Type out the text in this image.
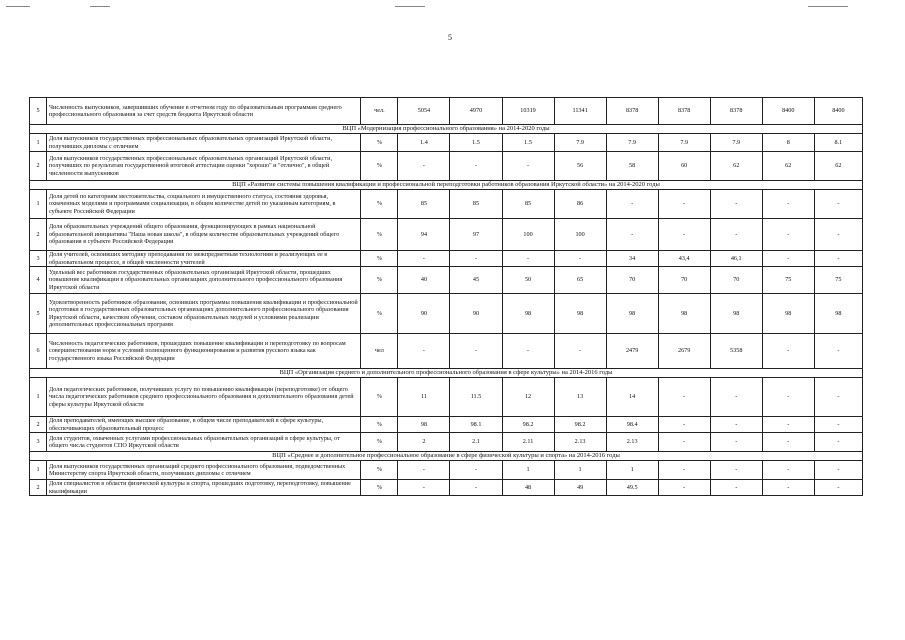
5
5	Численность выпускников, завершивших обучение в отчетном году по образовательным программам среднего профессионального образования за счет средств бюджета Иркутской области	чел.	5054	4970	10319	11341	8378	8378	8378	8400	8400
ВЦП «Модернизация профессионального образования» на 2014-2020 годы											
1	Доля выпускников государственных профессиональных образовательных организаций Иркутской области, получивших дипломы с отличием	%	1.4	1.5	1.5	7.9	7.9	7.9	7.9	8	8.1
2	Доля выпускников государственных профессиональных образовательных организаций Иркутской области, получивших по результатам государственной итоговой аттестации оценки "хорошо" и "отлично", в общей численности выпускников	%	-	-	-	56	58	60	62	62	62
ВЦП «Развитие системы повышения квалификации и профессиональной переподготовки работников образования Иркутской области» на 2014-2020 годы											
1	Доля детей по категориям местожительства, социального и имущественного статуса, состояния здоровья, охваченных моделями и программами социализации, в общем количестве детей по указанным категориям, в субъекте Российской Федерации	%	85	85	85	86	-	-	-	-	-
2	Доля образовательных учреждений общего образования, функционирующих в рамках национальной образовательной инициативы "Наша новая школа", в общем количестве образовательных учреждений общего образования в субъекте Российской Федерации	%	94	97	100	100	-	-	-	-	-
3	Доля учителей, освоивших методику преподавания по межпредметным технологиям и реализующих ее в образовательном процессе, в общей численности учителей	%	-	-	-	-	34	43,4	46,1	-	-
4	Удельный вес работников государственных образовательных организаций Иркутской области, прошедших повышение квалификации в образовательных организациях дополнительного профессионального образования Иркутской области	%	40	45	50	65	70	70	70	75	75
5	Удовлетворенность работников образования, освоивших программы повышения квалификации и профессиональной подготовки в государственных образовательных организациях дополнительного профессионального образования Иркутской области, качеством обучения, составом образовательных модулей и условиями реализации дополнительных профессиональных программ	%	90	90	98	98	98	98	98	98	98
6	Численность педагогических работников, прошедших повышение квалификации и переподготовку по вопросам совершенствования норм и условий полноценного функционирования и развития русского языка как государственного языка Российской Федерации	чел	-	-	-	-	2479	2679	5358	-	-
ВЦП «Организация среднего и дополнительного профессионального образования в сфере культуры» на 2014-2016 годы											
1	Доля педагогических работников, получивших услугу по повышению квалификации (переподготовке) от общего числа педагогических работников среднего профессионального образования и дополнительного образования детей сферы культуры Иркутской области	%	11	11.5	12	13	14	-	-	-	-
2	Доля преподавателей, имеющих высшее образование, в общем числе преподавателей в сфере культуры, обеспечивающих образовательный процесс	%	98	98.1	98.2	98.2	98.4	-	-	-	-
3	Доля студентов, охваченных услугами профессиональных образовательных организаций в сфере культуры, от общего числа студентов СПО Иркутской области	%	2	2.1	2.11	2.13	2.13	-	-	-	-
ВЦП «Среднее и дополнительное профессиональное образование в сфере физической культуры и спорта» на 2014-2016 годы											
1	Доля выпускников государственных организаций среднего профессионального образования, подведомственных Министерству спорта Иркутской области, получивших дипломы с отличием	%	-	-	1	1	1	-	-	-	-
2	Доля специалистов в области физической культуры и спорта, прошедших подготовку, переподготовку, повышение квалификации	%	-	-	48	49	49.5	-	-	-	-
